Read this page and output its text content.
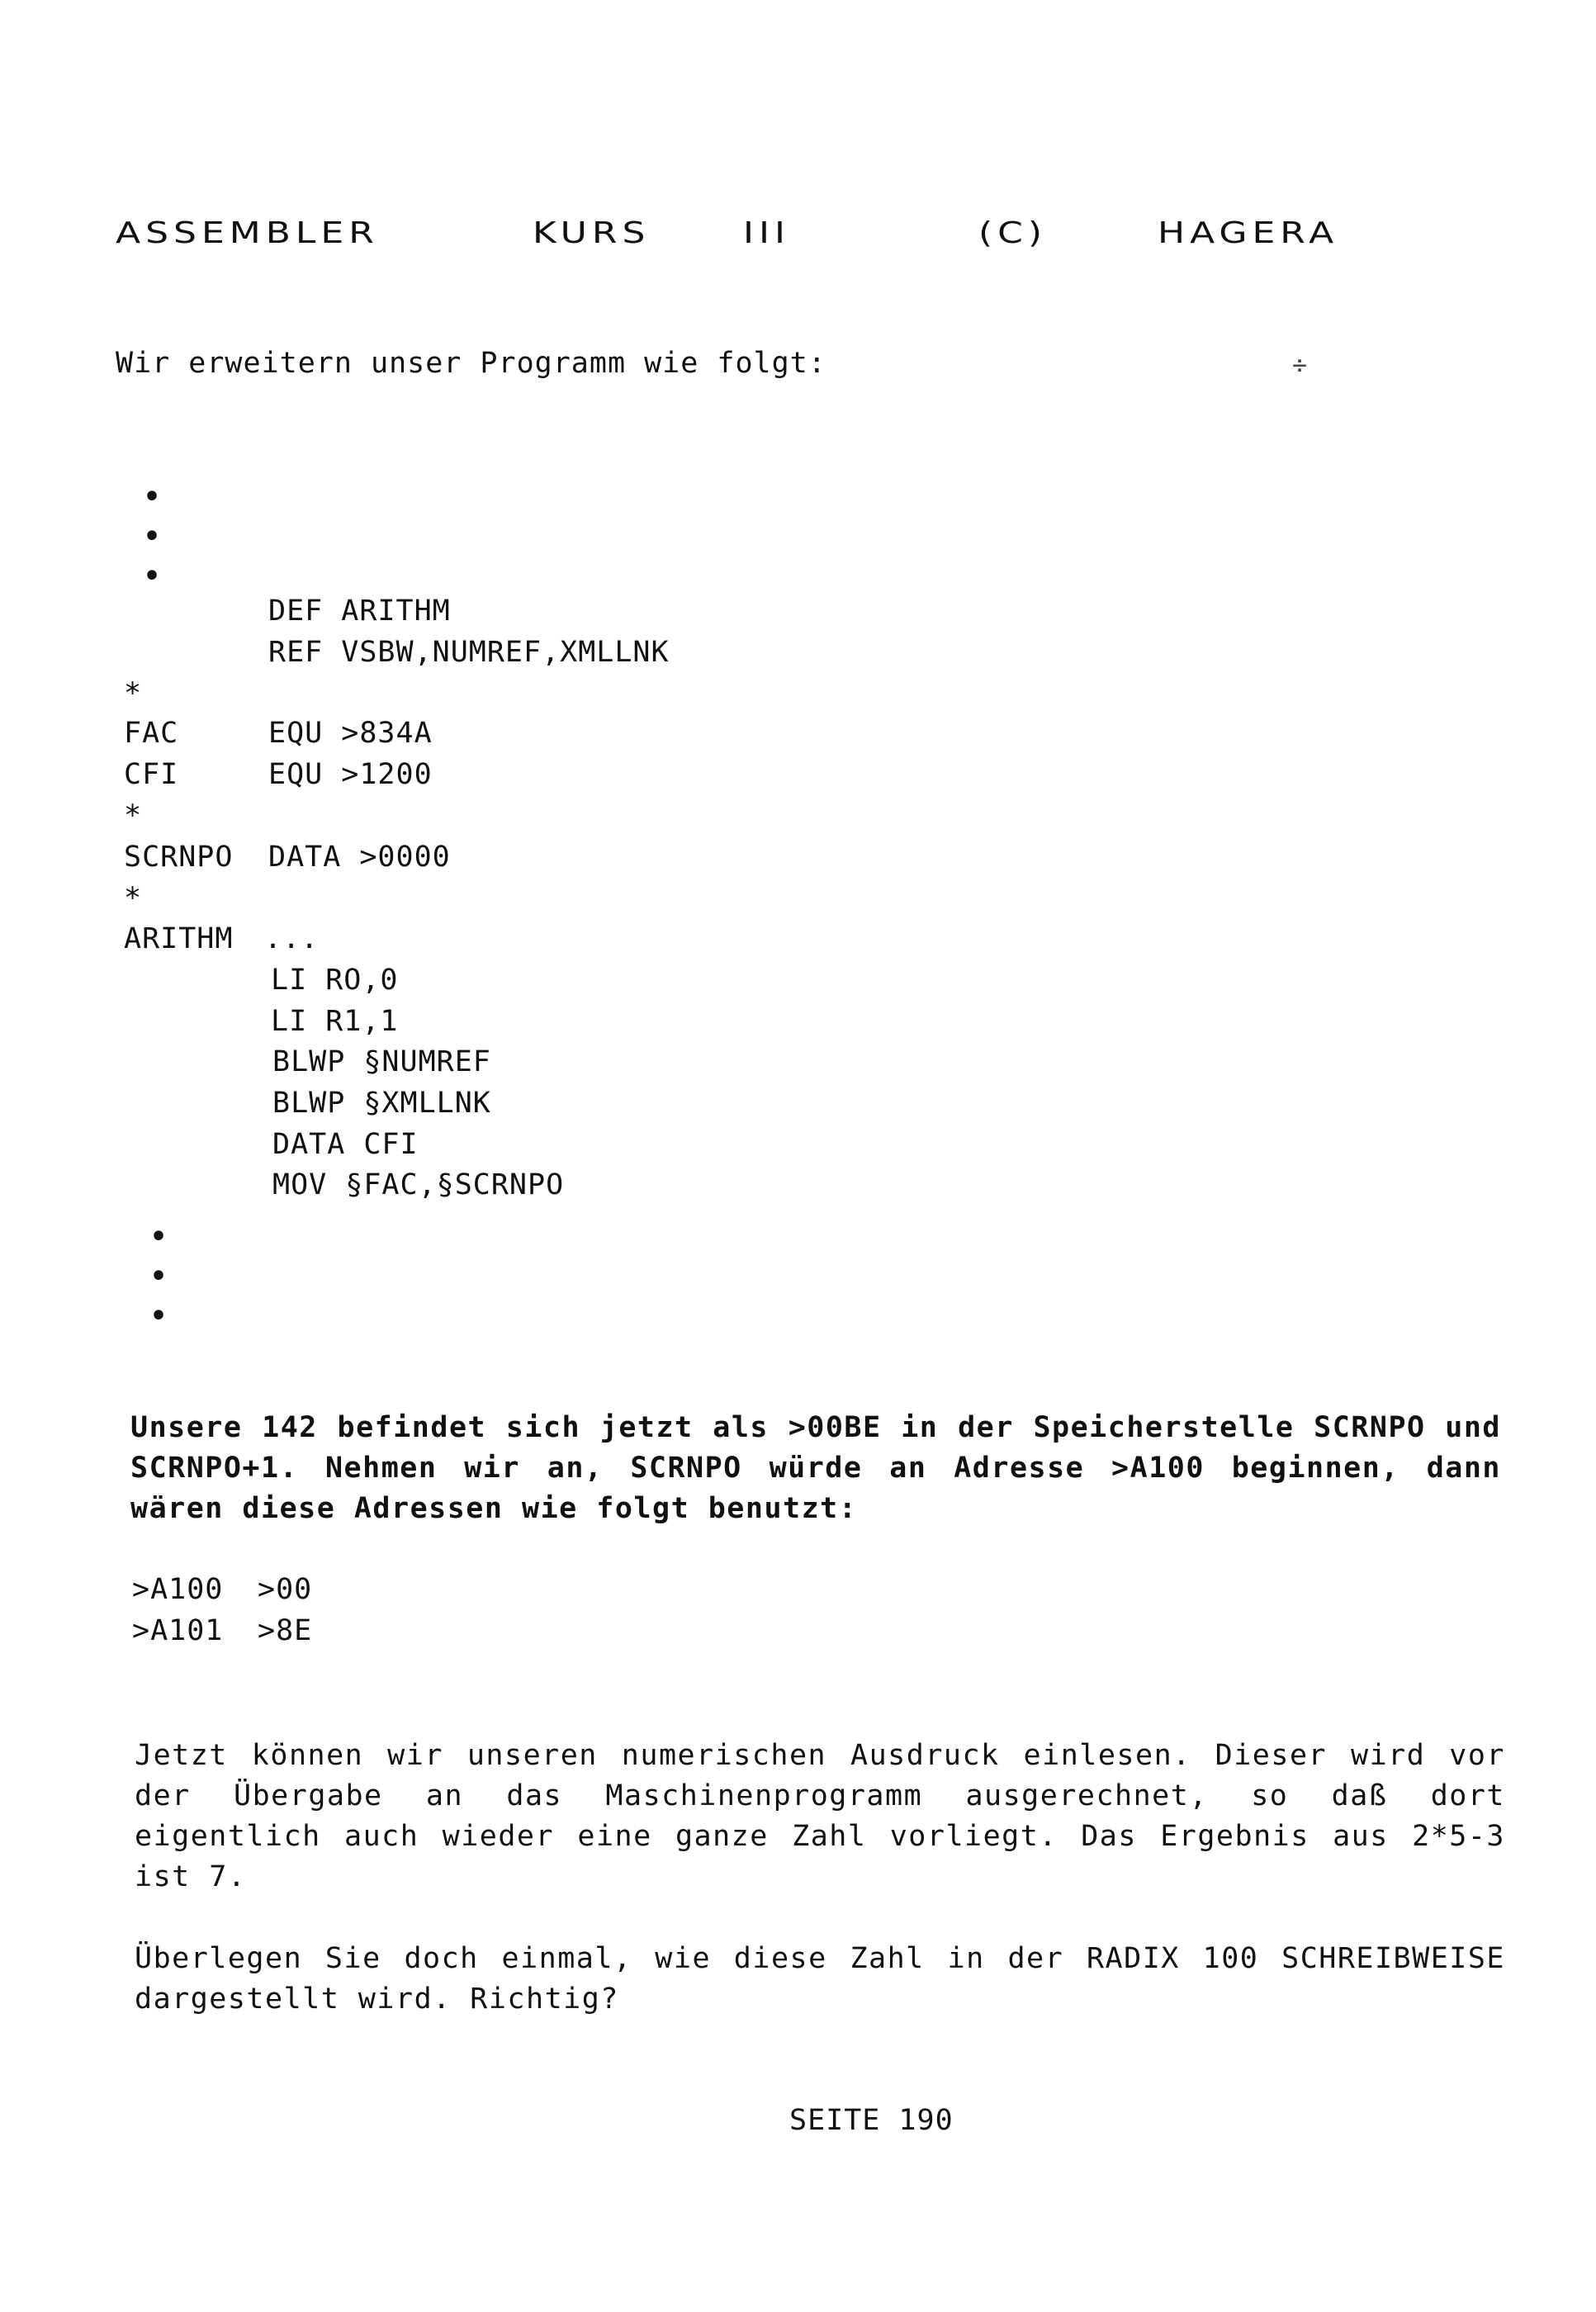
ASSEMBLER

	KURS

	III

	(C)

	HAGERA

Wir erweitern unser Programm wie folgt:	÷
•
•
•
DEF ARITHM
REF VSBW,NUMREF,XMLLNK
*
FAC	EQU >834A
CFI	EQU >1200
*
SCRNPO DATA >0000
*
ARITHM ...
LI RO,0
LI R1,1
BLWP §NUMREF
BLWP §XMLLNK
DATA CFI
MOV §FAC,§SCRNPO
•
•
•
Unsere 142 befindet sich jetzt als >00BE in der Speicherstelle SCRNPO und SCRNPO+1. Nehmen wir an, SCRNPO würde an Adresse >A100 beginnen, dann wären diese Adressen wie folgt benutzt:
>A100 >00
>A101 >8E
Jetzt können wir unseren numerischen Ausdruck einlesen. Dieser wird vor der Übergabe an das Maschinenprogramm ausgerechnet, so daß dort eigentlich auch wieder eine ganze Zahl vorliegt. Das Ergebnis aus 2*5-3 ist 7.
Überlegen Sie doch einmal, wie diese Zahl in der RADIX 100 SCHREIBWEISE dargestellt wird. Richtig?
SEITE 190
